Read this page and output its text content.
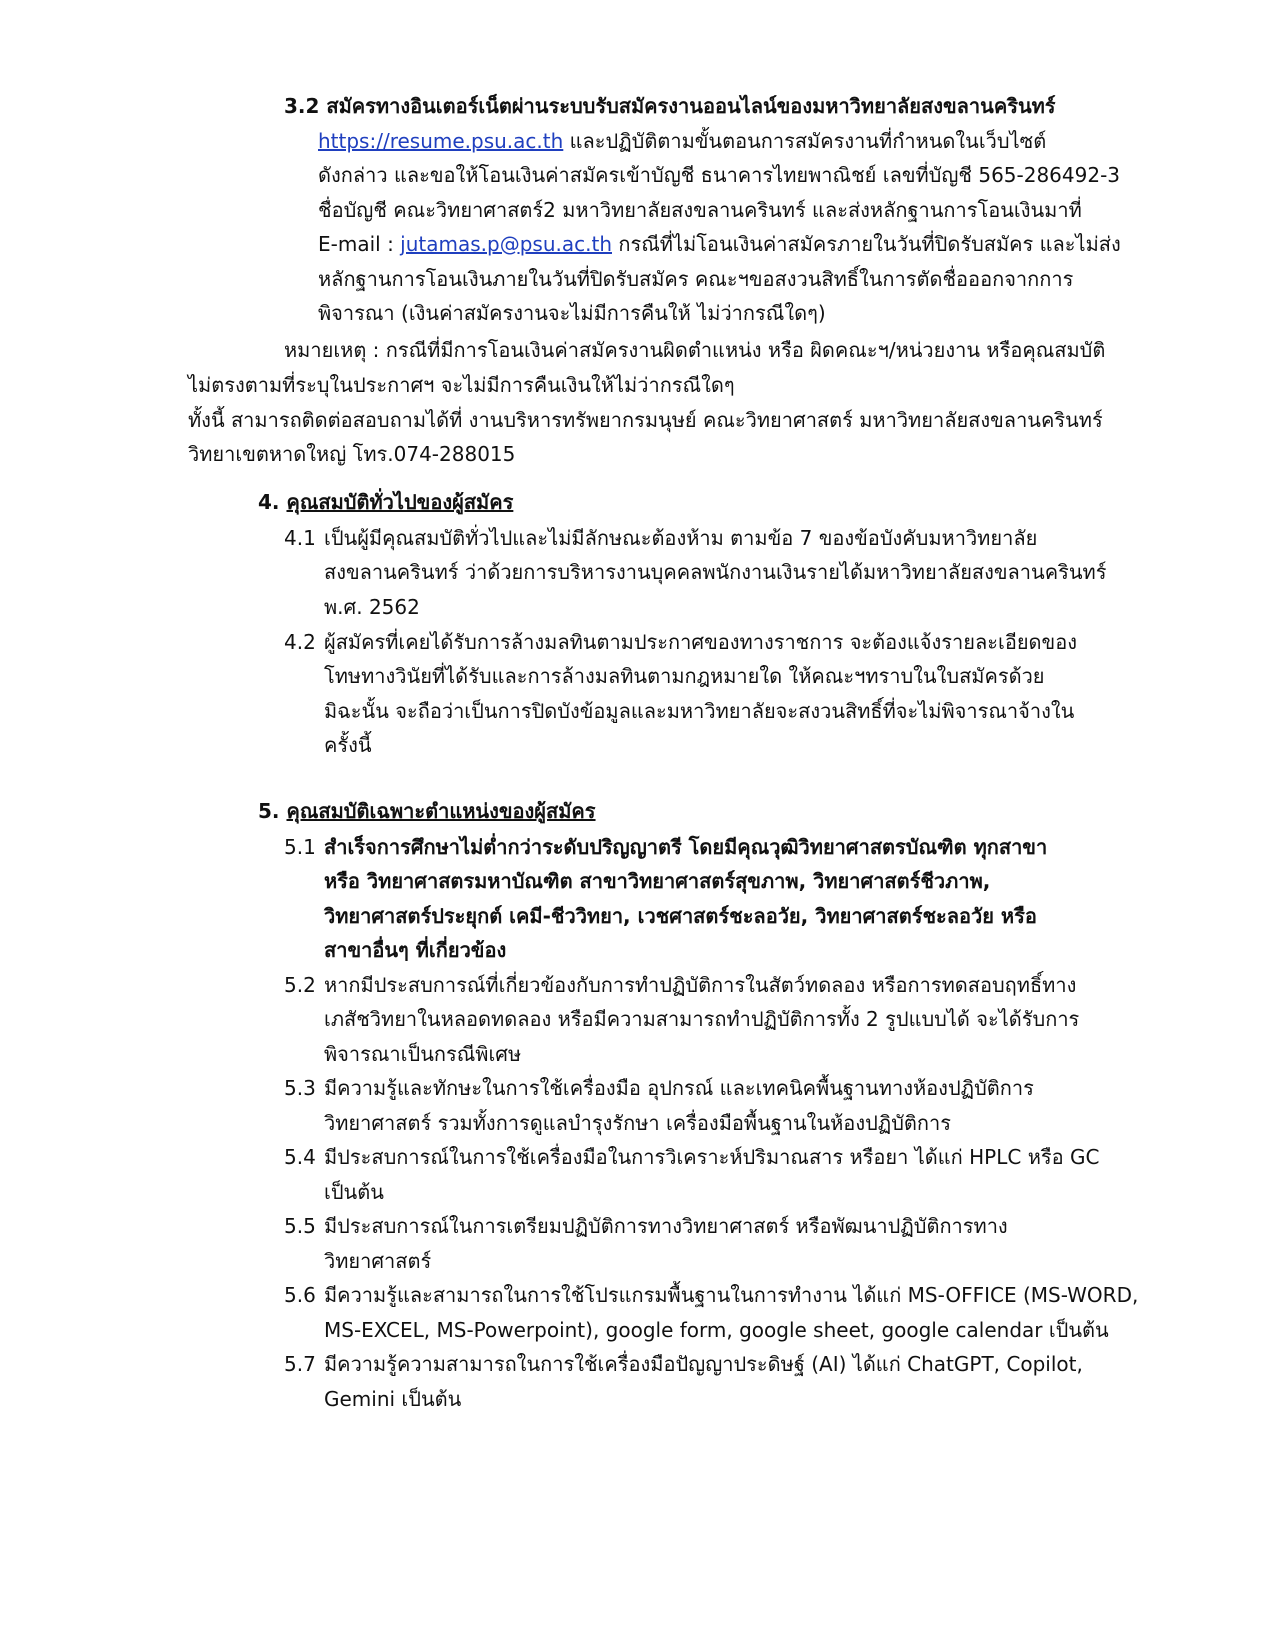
3.2 สมัครทางอินเตอร์เน็ตผ่านระบบรับสมัครงานออนไลน์ของมหาวิทยาลัยสงขลานครินทร์
https://resume.psu.ac.th และปฏิบัติตามขั้นตอนการสมัครงานที่กำหนดในเว็บไซต์
ดังกล่าว และขอให้โอนเงินค่าสมัครเข้าบัญชี ธนาคารไทยพาณิชย์ เลขที่บัญชี 565-286492-3
ชื่อบัญชี คณะวิทยาศาสตร์2 มหาวิทยาลัยสงขลานครินทร์ และส่งหลักฐานการโอนเงินมาที่
E-mail : jutamas.p@psu.ac.th กรณีที่ไม่โอนเงินค่าสมัครภายในวันที่ปิดรับสมัคร และไม่ส่ง
หลักฐานการโอนเงินภายในวันที่ปิดรับสมัคร คณะฯขอสงวนสิทธิ์ในการตัดชื่อออกจากการ
พิจารณา (เงินค่าสมัครงานจะไม่มีการคืนให้ ไม่ว่ากรณีใดๆ)
หมายเหตุ : กรณีที่มีการโอนเงินค่าสมัครงานผิดตำแหน่ง หรือ ผิดคณะฯ/หน่วยงาน หรือคุณสมบัติ
ไม่ตรงตามที่ระบุในประกาศฯ จะไม่มีการคืนเงินให้ไม่ว่ากรณีใดๆ
ทั้งนี้ สามารถติดต่อสอบถามได้ที่ งานบริหารทรัพยากรมนุษย์ คณะวิทยาศาสตร์ มหาวิทยาลัยสงขลานครินทร์
วิทยาเขตหาดใหญ่ โทร.074-288015
4. คุณสมบัติทั่วไปของผู้สมัคร
4.1 เป็นผู้มีคุณสมบัติทั่วไปและไม่มีลักษณะต้องห้าม ตามข้อ 7 ของข้อบังคับมหาวิทยาลัย
สงขลานครินทร์ ว่าด้วยการบริหารงานบุคคลพนักงานเงินรายได้มหาวิทยาลัยสงขลานครินทร์
พ.ศ. 2562
4.2 ผู้สมัครที่เคยได้รับการล้างมลทินตามประกาศของทางราชการ จะต้องแจ้งรายละเอียดของ
โทษทางวินัยที่ได้รับและการล้างมลทินตามกฎหมายใด ให้คณะฯทราบในใบสมัครด้วย
มิฉะนั้น จะถือว่าเป็นการปิดบังข้อมูลและมหาวิทยาลัยจะสงวนสิทธิ์ที่จะไม่พิจารณาจ้างใน
ครั้งนี้
5. คุณสมบัติเฉพาะตำแหน่งของผู้สมัคร
5.1 สำเร็จการศึกษาไม่ต่ำกว่าระดับปริญญาตรี โดยมีคุณวุฒิวิทยาศาสตรบัณฑิต ทุกสาขา
หรือ วิทยาศาสตรมหาบัณฑิต สาขาวิทยาศาสตร์สุขภาพ, วิทยาศาสตร์ชีวภาพ,
วิทยาศาสตร์ประยุกต์ เคมี-ชีววิทยา, เวชศาสตร์ชะลอวัย, วิทยาศาสตร์ชะลอวัย หรือ
สาขาอื่นๆ ที่เกี่ยวข้อง
5.2 หากมีประสบการณ์ที่เกี่ยวข้องกับการทำปฏิบัติการในสัตว์ทดลอง หรือการทดสอบฤทธิ์ทาง
เภสัชวิทยาในหลอดทดลอง หรือมีความสามารถทำปฏิบัติการทั้ง 2 รูปแบบได้ จะได้รับการ
พิจารณาเป็นกรณีพิเศษ
5.3 มีความรู้และทักษะในการใช้เครื่องมือ อุปกรณ์ และเทคนิคพื้นฐานทางห้องปฏิบัติการ
วิทยาศาสตร์ รวมทั้งการดูแลบำรุงรักษา เครื่องมือพื้นฐานในห้องปฏิบัติการ
5.4 มีประสบการณ์ในการใช้เครื่องมือในการวิเคราะห์ปริมาณสาร หรือยา ได้แก่ HPLC หรือ GC
เป็นต้น
5.5 มีประสบการณ์ในการเตรียมปฏิบัติการทางวิทยาศาสตร์ หรือพัฒนาปฏิบัติการทาง
วิทยาศาสตร์
5.6 มีความรู้และสามารถในการใช้โปรแกรมพื้นฐานในการทำงาน ได้แก่ MS-OFFICE (MS-WORD,
MS-EXCEL, MS-Powerpoint), google form, google sheet, google calendar เป็นต้น
5.7 มีความรู้ความสามารถในการใช้เครื่องมือปัญญาประดิษฐ์ (AI) ได้แก่ ChatGPT, Copilot,
Gemini เป็นต้น
